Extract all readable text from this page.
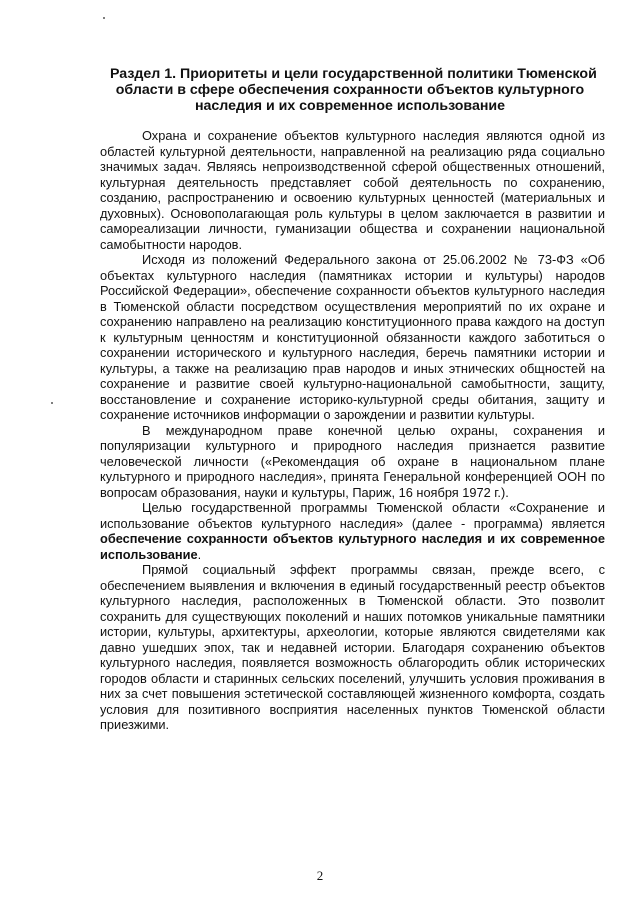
Раздел 1. Приоритеты и цели государственной политики Тюменской
области в сфере обеспечения сохранности объектов культурного
наследия и их современное использование

Охрана и сохранение объектов культурного наследия являются одной из областей культурной деятельности, направленной на реализацию ряда социально значимых задач. Являясь непроизводственной сферой общественных отношений, культурная деятельность представляет собой деятельность по сохранению, созданию, распространению и освоению культурных ценностей (материальных и духовных). Основополагающая роль культуры в целом заключается в развитии и самореализации личности, гуманизации общества и сохранении национальной самобытности народов.

Исходя из положений Федерального закона от 25.06.2002 № 73-ФЗ «Об объектах культурного наследия (памятниках истории и культуры) народов Российской Федерации», обеспечение сохранности объектов культурного наследия в Тюменской области посредством осуществления мероприятий по их охране и сохранению направлено на реализацию конституционного права каждого на доступ к культурным ценностям и конституционной обязанности каждого заботиться о сохранении исторического и культурного наследия, беречь памятники истории и культуры, а также на реализацию прав народов и иных этнических общностей на сохранение и развитие своей культурно-национальной самобытности, защиту, восстановление и сохранение историко-культурной среды обитания, защиту и сохранение источников информации о зарождении и развитии культуры.

В международном праве конечной целью охраны, сохранения и популяризации культурного и природного наследия признается развитие человеческой личности («Рекомендация об охране в национальном плане культурного и природного наследия», принята Генеральной конференцией ООН по вопросам образования, науки и культуры, Париж, 16 ноября 1972 г.).

Целью государственной программы Тюменской области «Сохранение и использование объектов культурного наследия» (далее - программа) является обеспечение сохранности объектов культурного наследия и их современное использование.

Прямой социальный эффект программы связан, прежде всего, с обеспечением выявления и включения в единый государственный реестр объектов культурного наследия, расположенных в Тюменской области. Это позволит сохранить для существующих поколений и наших потомков уникальные памятники истории, культуры, архитектуры, археологии, которые являются свидетелями как давно ушедших эпох, так и недавней истории. Благодаря сохранению объектов культурного наследия, появляется возможность облагородить облик исторических городов области и старинных сельских поселений, улучшить условия проживания в них за счет повышения эстетической составляющей жизненного комфорта, создать условия для позитивного восприятия населенных пунктов Тюменской области приезжими.

2
